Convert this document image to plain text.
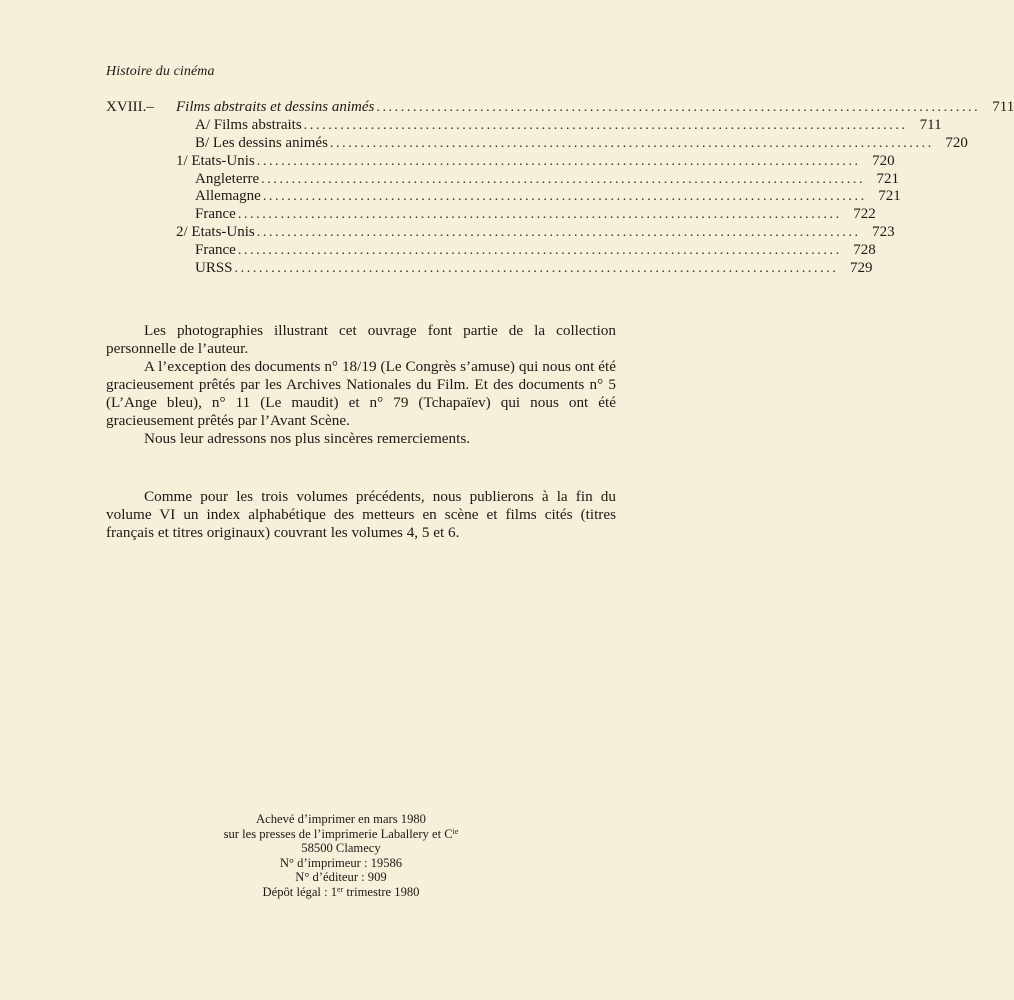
Histoire du cinéma
XVIII.– Films abstraits et dessins animés ................................................................................................... 711
A/ Films abstraits ................................................................................................... 711
B/ Les dessins animés ................................................................................................... 720
1/ Etats-Unis ................................................................................................... 720
Angleterre ................................................................................................... 721
Allemagne ................................................................................................... 721
France ................................................................................................... 722
2/ Etats-Unis ................................................................................................... 723
France ................................................................................................... 728
URSS ................................................................................................... 729

Les photographies illustrant cet ouvrage font partie de la collection personnelle de l’auteur.

A l’exception des documents n° 18/19 (Le Congrès s’amuse) qui nous ont été gracieusement prêtés par les Archives Nationales du Film. Et des documents n° 5 (L’Ange bleu), n° 11 (Le maudit) et n° 79 (Tchapaïev) qui nous ont été gracieusement prêtés par l’Avant Scène.

Nous leur adressons nos plus sincères remerciements.

Comme pour les trois volumes précédents, nous publierons à la fin du volume VI un index alphabétique des metteurs en scène et films cités (titres français et titres originaux) couvrant les volumes 4, 5 et 6.

Achevé d’imprimer en mars 1980
sur les presses de l’imprimerie Laballery et $C^{ie}$
58500 Clamecy
N° d’imprimeur : 19586
N° d’éditeur : 909
Dépôt légal : 1er trimestre 1980
